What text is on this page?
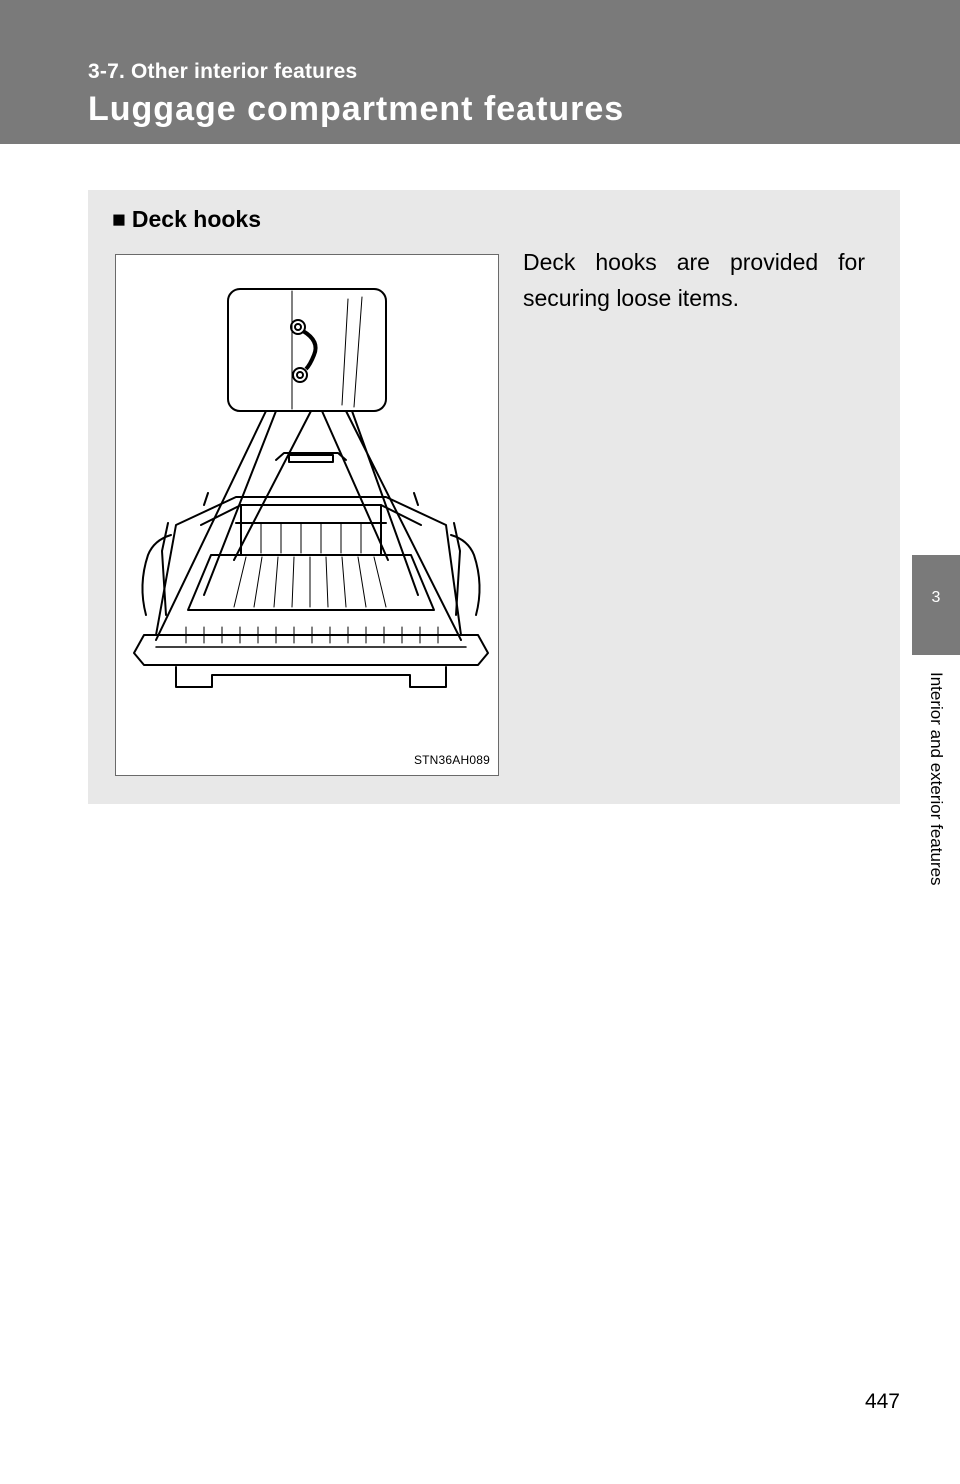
3-7. Other interior features

Luggage compartment features
■ Deck hooks
STN36AH089

Deck hooks are provided for securing loose items.

3
Interior and exterior features
447
